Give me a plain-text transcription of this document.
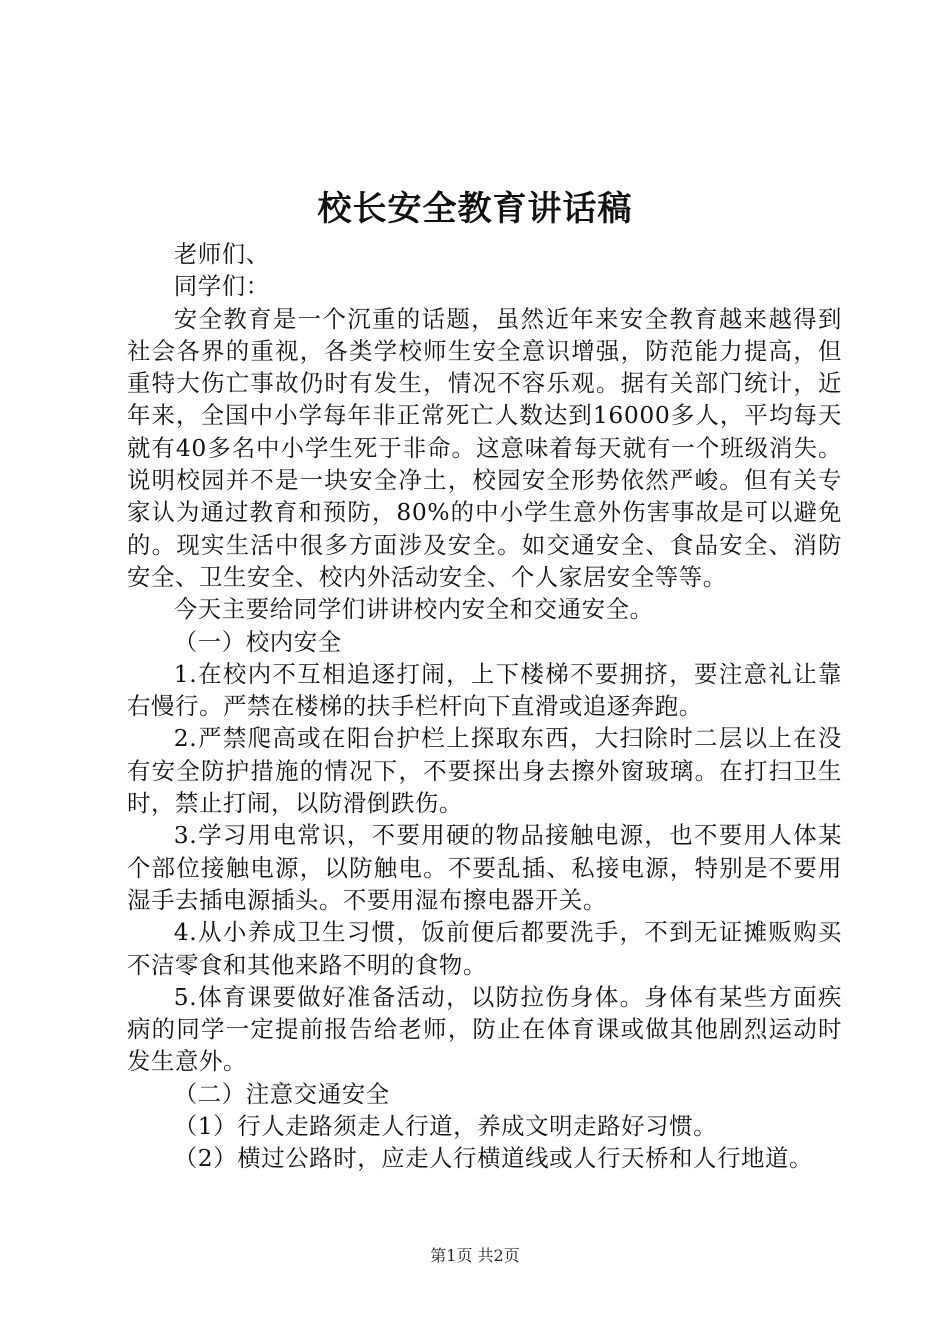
校长安全教育讲话稿

老师们、

同学们：

安全教育是一个沉重的话题，虽然近年来安全教育越来越得到社会各界的重视，各类学校师生安全意识增强，防范能力提高，但重特大伤亡事故仍时有发生，情况不容乐观。据有关部门统计，近年来，全国中小学每年非正常死亡人数达到16000多人，平均每天就有40多名中小学生死于非命。这意味着每天就有一个班级消失。说明校园并不是一块安全净土，校园安全形势依然严峻。但有关专家认为通过教育和预防，80%的中小学生意外伤害事故是可以避免的。现实生活中很多方面涉及安全。如交通安全、食品安全、消防安全、卫生安全、校内外活动安全、个人家居安全等等。

今天主要给同学们讲讲校内安全和交通安全。

（一）校内安全

1.在校内不互相追逐打闹，上下楼梯不要拥挤，要注意礼让靠右慢行。严禁在楼梯的扶手栏杆向下直滑或追逐奔跑。

2.严禁爬高或在阳台护栏上探取东西，大扫除时二层以上在没有安全防护措施的情况下，不要探出身去擦外窗玻璃。在打扫卫生时，禁止打闹，以防滑倒跌伤。

3.学习用电常识，不要用硬的物品接触电源，也不要用人体某个部位接触电源，以防触电。不要乱插、私接电源，特别是不要用湿手去插电源插头。不要用湿布擦电器开关。

4.从小养成卫生习惯，饭前便后都要洗手，不到无证摊贩购买不洁零食和其他来路不明的食物。

5.体育课要做好准备活动，以防拉伤身体。身体有某些方面疾病的同学一定提前报告给老师，防止在体育课或做其他剧烈运动时发生意外。

（二）注意交通安全

（1）行人走路须走人行道，养成文明走路好习惯。

（2）横过公路时，应走人行横道线或人行天桥和人行地道。

第1页 共2页
